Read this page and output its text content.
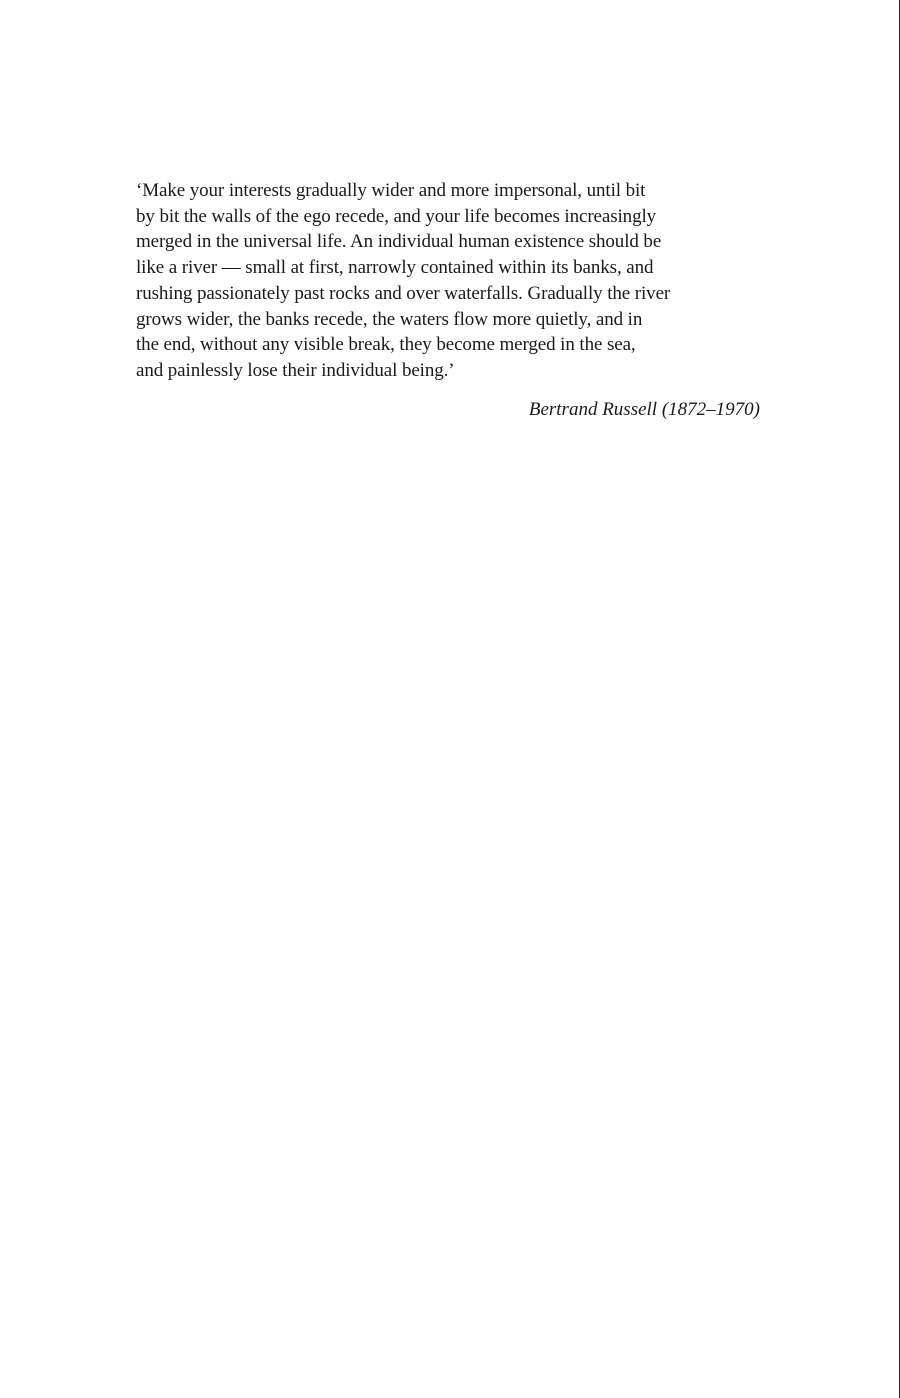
‘Make your interests gradually wider and more impersonal, until bit
by bit the walls of the ego recede, and your life becomes increasingly
merged in the universal life. An individual human existence should be
like a river — small at first, narrowly contained within its banks, and
rushing passionately past rocks and over waterfalls. Gradually the river
grows wider, the banks recede, the waters flow more quietly, and in
the end, without any visible break, they become merged in the sea,
and painlessly lose their individual being.’
Bertrand Russell (1872–1970)
